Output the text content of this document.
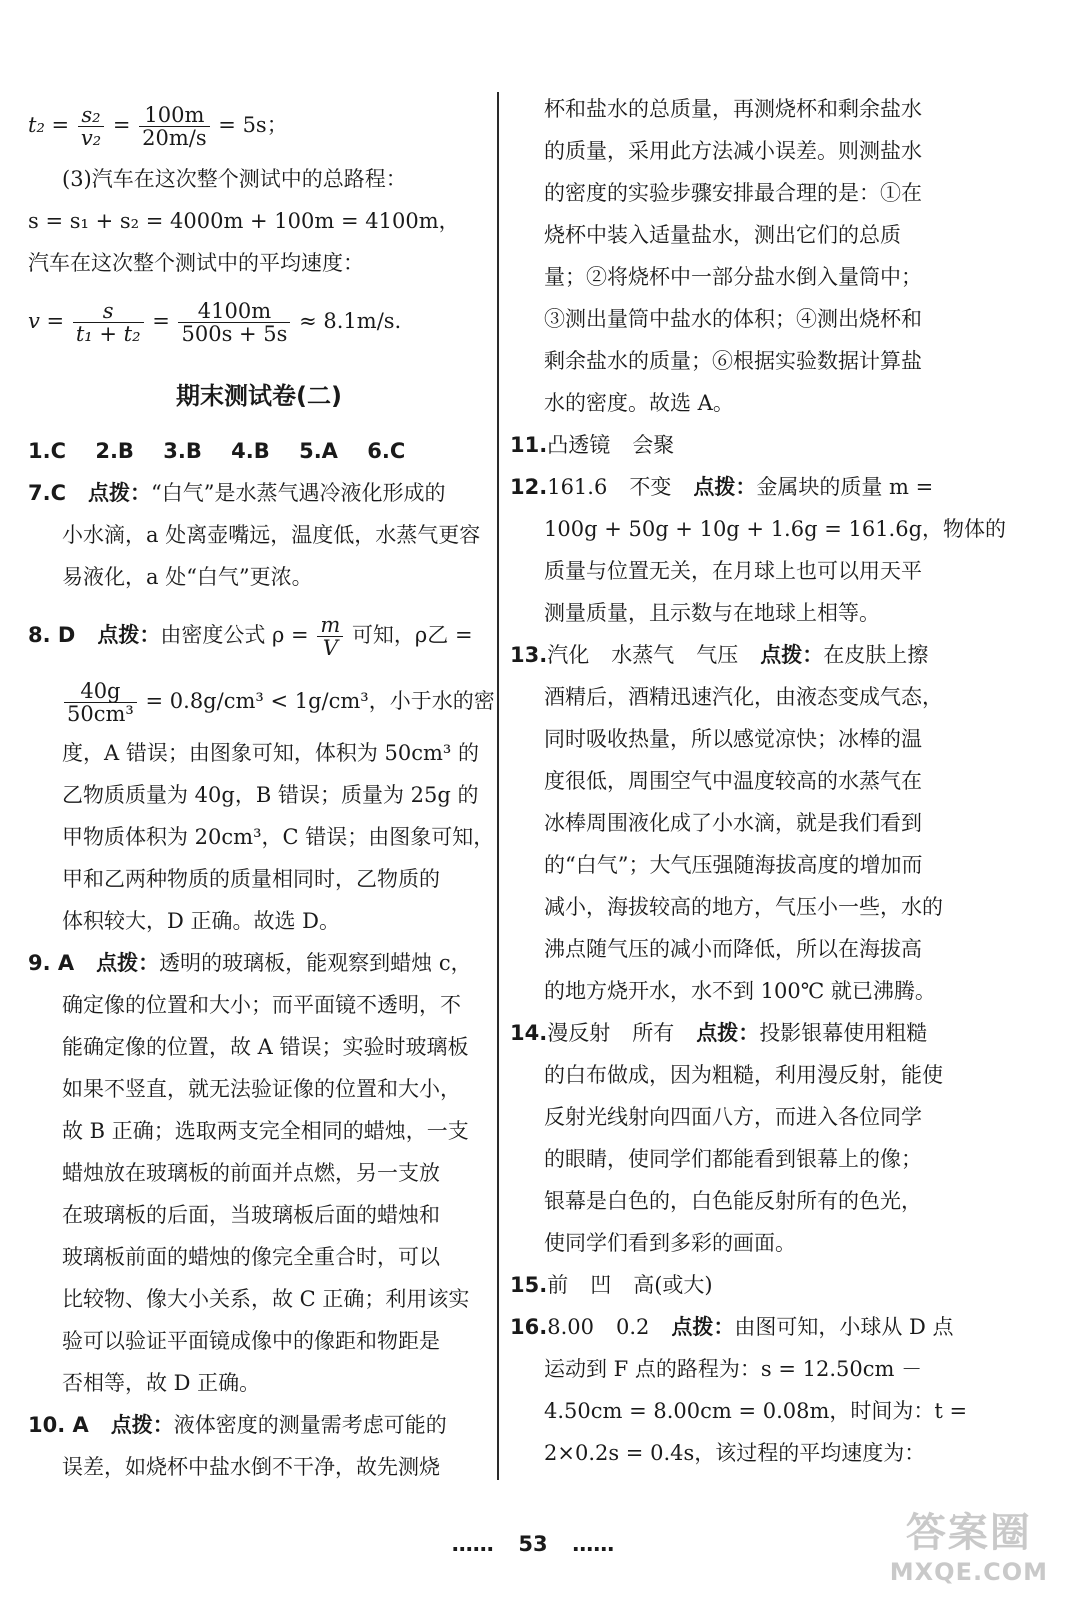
$t_2 = \frac{\text{s₂}}{\text{v₂}} = \frac{100m}{20m/s} = 5s$；
(3)汽车在这次整个测试中的总路程：
s = s₁ + s₂ = 4000m + 100m = 4100m，
汽车在这次整个测试中的平均速度：
$v = \frac{s}{\text{t₁ + t₂}} = \frac{4100m}{500s + 5s} \approx 8.1m/s$.
期末测试卷(二)
1.C 2.B 3.B 4.B 5.A 6.C
7.C 点拨：“白气”是水蒸气遇冷液化形成的
小水滴，a 处离壶嘴远，温度低，水蒸气更容
易液化，a 处“白气”更浓。
8. D 点拨：由密度公式 $\rho = \frac{m}{V}$ 可知，ρ乙 =
$\frac{40g}{\text{50cm³}} = 0.8g/cm^3 < 1g/cm^3$，小于水的密
度，A 错误；由图象可知，体积为 50cm³ 的
乙物质质量为 40g，B 错误；质量为 25g 的
甲物质体积为 20cm³，C 错误；由图象可知，
甲和乙两种物质的质量相同时，乙物质的
体积较大，D 正确。故选 D。
9. A 点拨：透明的玻璃板，能观察到蜡烛 c，
确定像的位置和大小；而平面镜不透明，不
能确定像的位置，故 A 错误；实验时玻璃板
如果不竖直，就无法验证像的位置和大小，
故 B 正确；选取两支完全相同的蜡烛，一支
蜡烛放在玻璃板的前面并点燃，另一支放
在玻璃板的后面，当玻璃板后面的蜡烛和
玻璃板前面的蜡烛的像完全重合时，可以
比较物、像大小关系，故 C 正确；利用该实
验可以验证平面镜成像中的像距和物距是
否相等，故 D 正确。
10. A 点拨：液体密度的测量需考虑可能的
误差，如烧杯中盐水倒不干净，故先测烧
杯和盐水的总质量，再测烧杯和剩余盐水
的质量，采用此方法减小误差。则测盐水
的密度的实验步骤安排最合理的是：①在
烧杯中装入适量盐水，测出它们的总质
量；②将烧杯中一部分盐水倒入量筒中；
③测出量筒中盐水的体积；④测出烧杯和
剩余盐水的质量；⑥根据实验数据计算盐
水的密度。故选 A。
11.凸透镜 会聚
12.161.6 不变 点拨：金属块的质量 m =
100g + 50g + 10g + 1.6g = 161.6g，物体的
质量与位置无关，在月球上也可以用天平
测量质量，且示数与在地球上相等。
13.汽化 水蒸气 气压 点拨：在皮肤上擦
酒精后，酒精迅速汽化，由液态变成气态，
同时吸收热量，所以感觉凉快；冰棒的温
度很低，周围空气中温度较高的水蒸气在
冰棒周围液化成了小水滴，就是我们看到
的“白气”；大气压强随海拔高度的增加而
减小，海拔较高的地方，气压小一些，水的
沸点随气压的减小而降低，所以在海拔高
的地方烧开水，水不到 100℃ 就已沸腾。
14.漫反射 所有 点拨：投影银幕使用粗糙
的白布做成，因为粗糙，利用漫反射，能使
反射光线射向四面八方，而进入各位同学
的眼睛，使同学们都能看到银幕上的像；
银幕是白色的，白色能反射所有的色光，
使同学们看到多彩的画面。
15.前 凹 高(或大)
16.8.00 0.2 点拨：由图可知，小球从 D 点
运动到 F 点的路程为：s = 12.50cm －
4.50cm = 8.00cm = 0.08m，时间为：t =
2×0.2s = 0.4s，该过程的平均速度为：
…… 53 ……	答案圈
MXQE.COM
